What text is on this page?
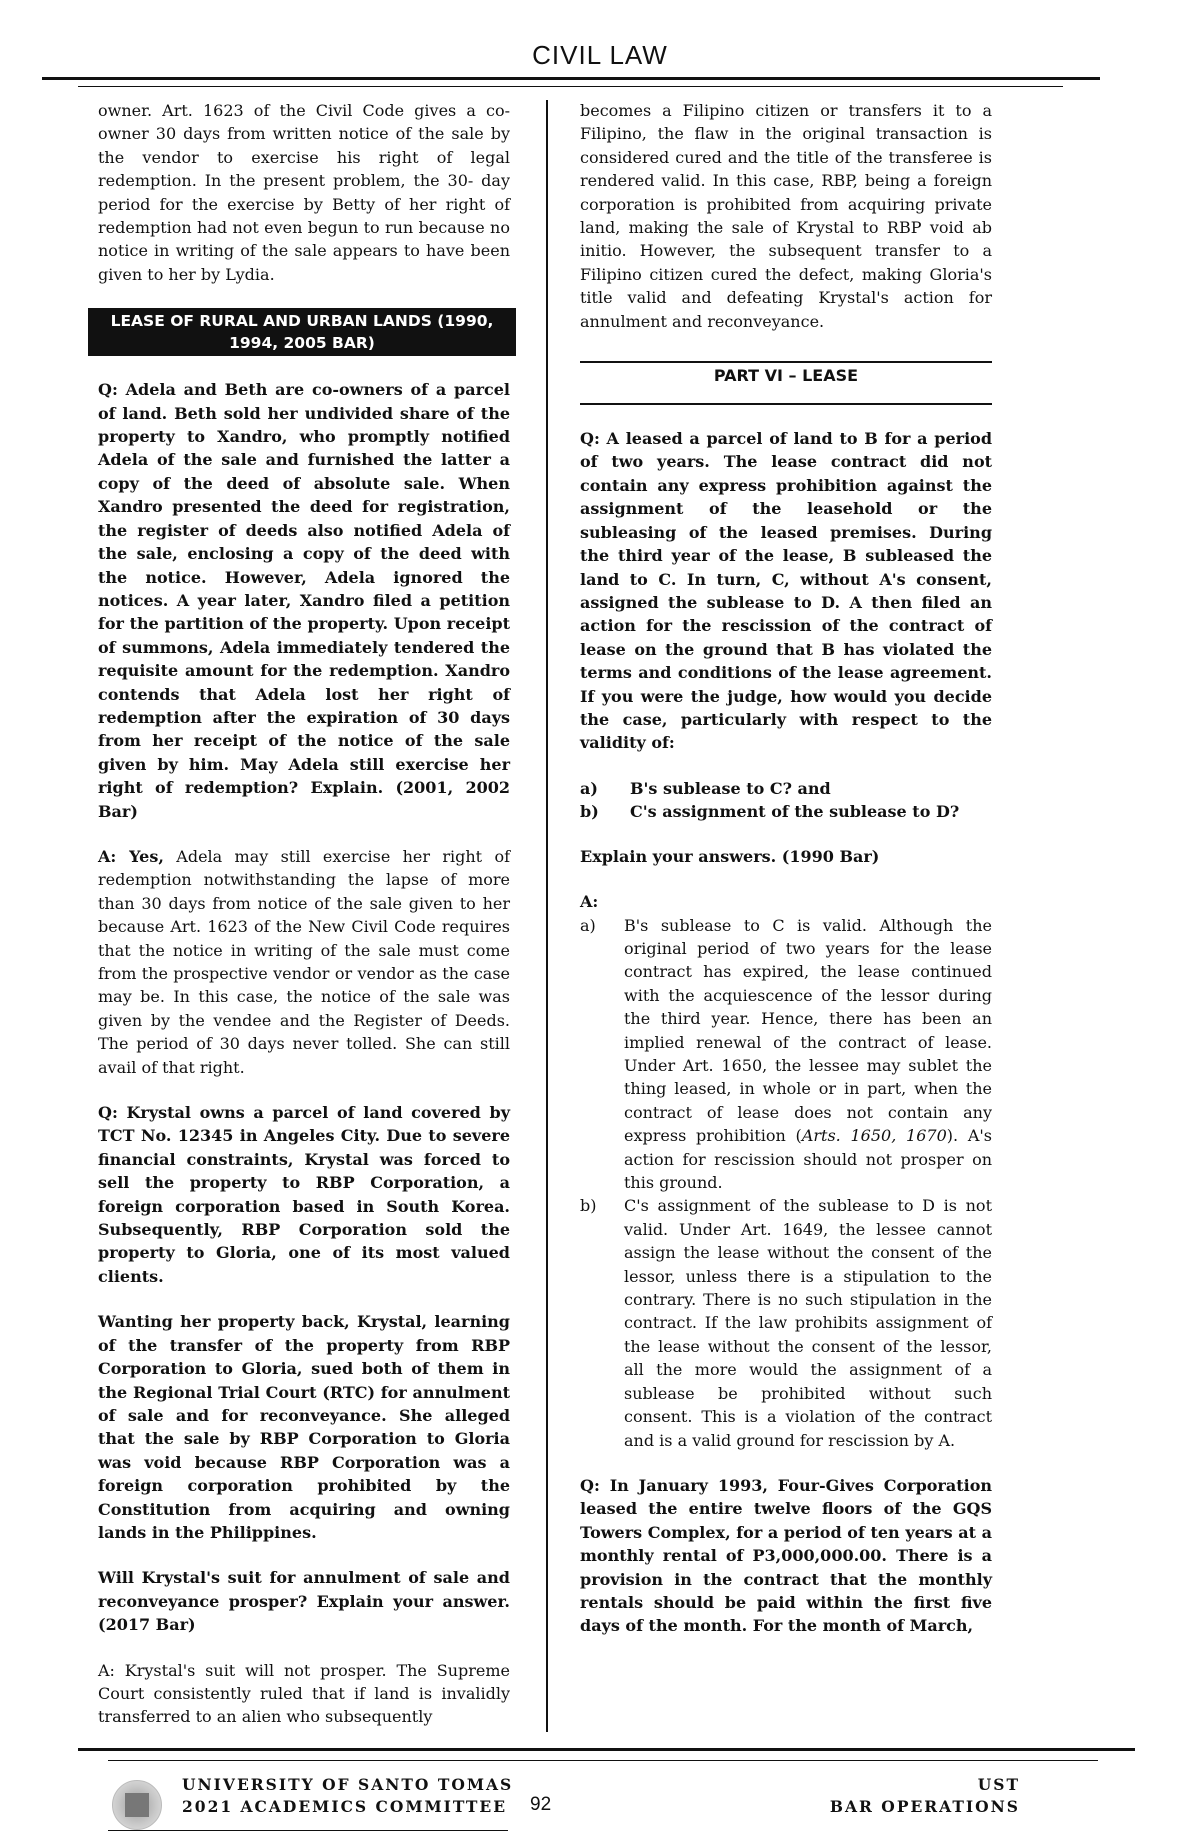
CIVIL LAW

owner. Art. 1623 of the Civil Code gives a co-owner 30 days from written notice of the sale by the vendor to exercise his right of legal redemption. In the present problem, the 30- day period for the exercise by Betty of her right of redemption had not even begun to run because no notice in writing of the sale appears to have been given to her by Lydia.

LEASE OF RURAL AND URBAN LANDS (1990, 1994, 2005 BAR)

Q: Adela and Beth are co-owners of a parcel of land. Beth sold her undivided share of the property to Xandro, who promptly notified Adela of the sale and furnished the latter a copy of the deed of absolute sale. When Xandro presented the deed for registration, the register of deeds also notified Adela of the sale, enclosing a copy of the deed with the notice. However, Adela ignored the notices. A year later, Xandro filed a petition for the partition of the property. Upon receipt of summons, Adela immediately tendered the requisite amount for the redemption. Xandro contends that Adela lost her right of redemption after the expiration of 30 days from her receipt of the notice of the sale given by him. May Adela still exercise her right of redemption? Explain. (2001, 2002 Bar)

A: Yes, Adela may still exercise her right of redemption notwithstanding the lapse of more than 30 days from notice of the sale given to her because Art. 1623 of the New Civil Code requires that the notice in writing of the sale must come from the prospective vendor or vendor as the case may be. In this case, the notice of the sale was given by the vendee and the Register of Deeds. The period of 30 days never tolled. She can still avail of that right.

Q: Krystal owns a parcel of land covered by TCT No. 12345 in Angeles City. Due to severe financial constraints, Krystal was forced to sell the property to RBP Corporation, a foreign corporation based in South Korea. Subsequently, RBP Corporation sold the property to Gloria, one of its most valued clients.

Wanting her property back, Krystal, learning of the transfer of the property from RBP Corporation to Gloria, sued both of them in the Regional Trial Court (RTC) for annulment of sale and for reconveyance. She alleged that the sale by RBP Corporation to Gloria was void because RBP Corporation was a foreign corporation prohibited by the Constitution from acquiring and owning lands in the Philippines.

Will Krystal's suit for annulment of sale and reconveyance prosper? Explain your answer. (2017 Bar)

A: Krystal's suit will not prosper. The Supreme Court consistently ruled that if land is invalidly transferred to an alien who subsequently

becomes a Filipino citizen or transfers it to a Filipino, the flaw in the original transaction is considered cured and the title of the transferee is rendered valid. In this case, RBP, being a foreign corporation is prohibited from acquiring private land, making the sale of Krystal to RBP void ab initio. However, the subsequent transfer to a Filipino citizen cured the defect, making Gloria's title valid and defeating Krystal's action for annulment and reconveyance.

PART VI – LEASE

Q: A leased a parcel of land to B for a period of two years. The lease contract did not contain any express prohibition against the assignment of the leasehold or the subleasing of the leased premises. During the third year of the lease, B subleased the land to C. In turn, C, without A's consent, assigned the sublease to D. A then filed an action for the rescission of the contract of lease on the ground that B has violated the terms and conditions of the lease agreement. If you were the judge, how would you decide the case, particularly with respect to the validity of:

a)	B's sublease to C? and
b)	C's assignment of the sublease to D?

Explain your answers. (1990 Bar)

A:

a)	B's sublease to C is valid. Although the original period of two years for the lease contract has expired, the lease continued with the acquiescence of the lessor during the third year. Hence, there has been an implied renewal of the contract of lease. Under Art. 1650, the lessee may sublet the thing leased, in whole or in part, when the contract of lease does not contain any express prohibition (Arts. 1650, 1670). A's action for rescission should not prosper on this ground.

b)	C's assignment of the sublease to D is not valid. Under Art. 1649, the lessee cannot assign the lease without the consent of the lessor, unless there is a stipulation to the contrary. There is no such stipulation in the contract. If the law prohibits assignment of the lease without the consent of the lessor, all the more would the assignment of a sublease be prohibited without such consent. This is a violation of the contract and is a valid ground for rescission by A.

Q: In January 1993, Four-Gives Corporation leased the entire twelve floors of the GQS Towers Complex, for a period of ten years at a monthly rental of P3,000,000.00. There is a provision in the contract that the monthly rentals should be paid within the first five days of the month. For the month of March,

UNIVERSITY OF SANTO TOMAS
2021 ACADEMICS COMMITTEE	92
UST
BAR OPERATIONS
